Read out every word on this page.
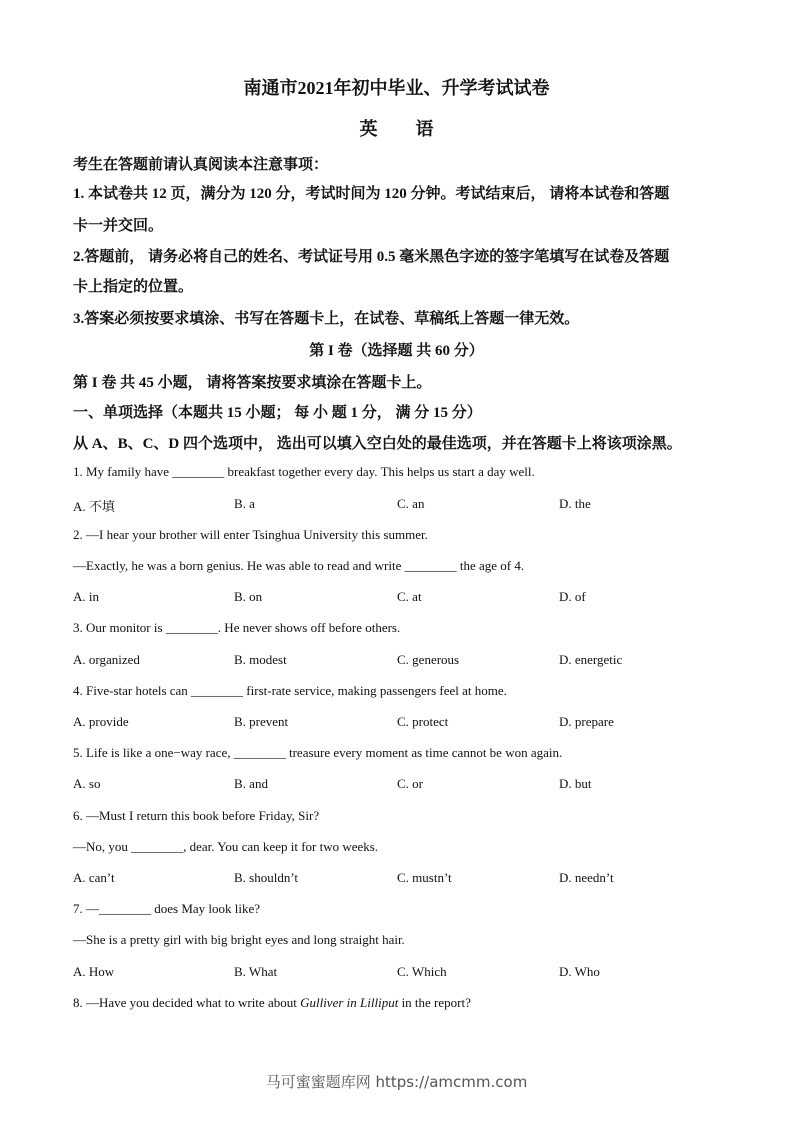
南通市2021年初中毕业、升学考试试卷
英语
考生在答题前请认真阅读本注意事项：
1. 本试卷共 12 页，满分为 120 分，考试时间为 120 分钟。考试结束后， 请将本试卷和答题
卡一并交回。
2.答题前， 请务必将自己的姓名、考试证号用 0.5 毫米黑色字迹的签字笔填写在试卷及答题
卡上指定的位置。
3.答案必须按要求填涂、书写在答题卡上，在试卷、草稿纸上答题一律无效。
第 I 卷（选择题 共 60 分）
第 I 卷 共 45 小题， 请将答案按要求填涂在答题卡上。
一、单项选择（本题共 15 小题； 每 小 题 1 分， 满 分 15 分）
从 A、B、C、D 四个选项中， 选出可以填入空白处的最佳选项，并在答题卡上将该项涂黑。
1. My family have ________ breakfast together every day. This helps us start a day well.
A. 不填	B. a	C. an	D. the
2. —I hear your brother will enter Tsinghua University this summer.
—Exactly, he was a born genius. He was able to read and write ________ the age of 4.
A. in	B. on	C. at	D. of
3. Our monitor is ________. He never shows off before others.
A. organized	B. modest	C. generous	D. energetic
4. Five-star hotels can ________ first-rate service, making passengers feel at home.
A. provide	B. prevent	C. protect	D. prepare
5. Life is like a one−way race, ________ treasure every moment as time cannot be won again.
A. so	B. and	C. or	D. but
6. —Must I return this book before Friday, Sir?
—No, you ________, dear. You can keep it for two weeks.
A. can’t	B. shouldn’t	C. mustn’t	D. needn’t
7. —________ does May look like?
—She is a pretty girl with big bright eyes and long straight hair.
A. How	B. What	C. Which	D. Who
8. —Have you decided what to write about Gulliver in Lilliput in the report?
马可蜜蜜题库网 https://amcmm.com
